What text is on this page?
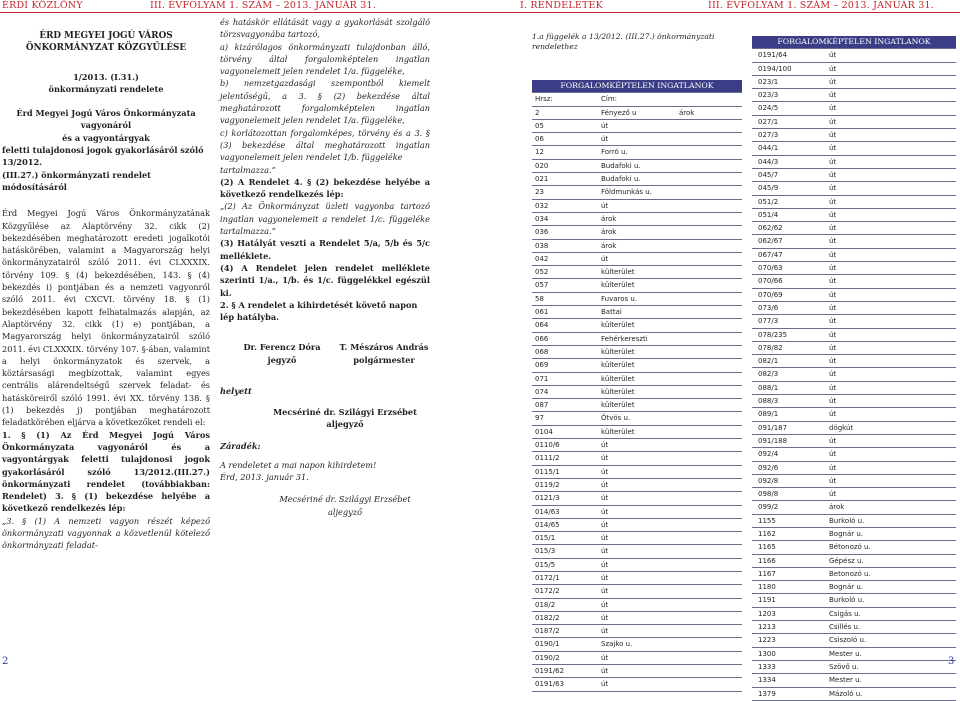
ÉRDI KÖZLÖNY	III. ÉVFOLYAM 1. SZÁM – 2013. JANUÁR 31.	I. RENDELETEK	III. ÉVFOLYAM 1. SZÁM – 2013. JANUÁR 31.

ÉRD MEGYEI JOGÚ VÁROS

ÖNKORMÁNYZAT KÖZGYŰLÉSE

1/2013. (I.31.)

önkormányzati rendelete

Érd Megyei Jogú Város Önkormányzata vagyonáról

és a vagyontárgyak

feletti tulajdonosi jogok gyakorlásáról szóló 13/2012.

(III.27.) önkormányzati rendelet módosításáról

Érd Megyei Jogú Város Önkormányzatának Közgyűlése az Alaptörvény 32. cikk (2) bekezdésében meghatározott eredeti jogalkotói hatáskörében, valamint a Magyarország helyi önkormányzatairól szóló 2011. évi CLXXXIX. törvény 109. § (4) bekezdésében, 143. § (4) bekezdés i) pontjában és a nemzeti vagyonról szóló 2011. évi CXCVI. törvény 18. § (1) bekezdésében kapott felhatalmazás alapján, az Alaptörvény 32. cikk (1) e) pontjában, a Magyarország helyi önkormányzatairól szóló 2011. évi CLXXXIX. törvény 107. §-ában, valamint a helyi önkormányzatok és szervek, a köztársasági megbízottak, valamint egyes centrális alárendeltségű szervek feladat- és hatásköreiről szóló 1991. évi XX. törvény 138. § (1) bekezdés j) pontjában meghatározott feladatkörében eljárva a következőket rendeli el:

1. § (1) Az Érd Megyei Jogú Város Önkormányzata vagyonáról és a vagyontárgyak feletti tulajdonosi jogok gyakorlásáról szóló 13/2012.(III.27.) önkormányzati rendelet (továbbiakban: Rendelet) 3. § (1) bekezdése helyébe a következő rendelkezés lép:

„3. § (1) A nemzeti vagyon részét képező önkormányzati vagyonnak a közvetlenül kötelező önkormányzati feladat-

és hatáskör ellátását vagy a gyakorlását szolgáló törzsvagyonába tartozó,

a) kizárólagos önkormányzati tulajdonban álló, törvény által forgalomképtelen ingatlan vagyonelemeit jelen rendelet 1/a. függeléke,

b) nemzetgazdasági szempontból kiemelt jelentőségű, a 3. § (2) bekezdése által meghatározott forgalomképtelen ingatlan vagyonelemeit jelen rendelet 1/a. függeléke,

c) korlátozottan forgalomképes, törvény és a 3. § (3) bekezdése által meghatározott ingatlan vagyonelemeit jelen rendelet 1/b. függeléke

tartalmazza.”

(2) A Rendelet 4. § (2) bekezdése helyébe a következő rendelkezés lép:

„(2) Az Önkormányzat üzleti vagyonba tartozó ingatlan vagyonelemeit a rendelet 1/c. függeléke tartalmazza.”

(3) Hatályát veszti a Rendelet 5/a, 5/b és 5/c melléklete.

(4) A Rendelet jelen rendelet melléklete szerinti 1/a., 1/b. és 1/c. függelékkel egészül ki.

2. § A rendelet a kihirdetését követő napon lép hatályba.

Dr. Ferencz Dóra

jegyző

T. Mészáros András

polgármester

helyett

Mecsériné dr. Szilágyi Erzsébet

aljegyző

Záradék:

A rendeletet a mai napon kihirdetem!

Érd, 2013. január 31.

Mecsériné dr. Szilágyi Erzsébet

aljegyző

1.a függelék a 13/2012. (III.27.) önkormányzati rendelethez

FORGALOMKÉPTELEN INGATLANOK		
Hrsz:	Cím:	
2	Fényező u	árok
05	út	
06	út	
12	Forró u.	
020	Budafoki u.	
021	Budafoki u.	
23	Földmunkás u.	
032	út	
034	árok	
036	árok	
038	árok	
042	út	
052	külterület	
057	külterület	
58	Fuvaros u.	
061	Battai	
064	külterület	
066	Fehérkereszti	
068	külterület	
069	külterület	
071	külterület	
074	külterület	
087	külterület	
97	Ötvös u.	
0104	külterület	
0110/6	út	
0111/2	út	
0115/1	út	
0119/2	út	
0121/3	út	
014/63	út	
014/65	út	
015/1	út	
015/3	út	
015/5	út	
0172/1	út	
0172/2	út	
018/2	út	
0182/2	út	
0187/2	út	
0190/1	Szajko u.	
0190/2	út	
0191/62	út	
0191/63	út	
FORGALOMKÉPTELEN INGATLANOK	
0191/64	út
0194/100	út
023/1	út
023/3	út
024/5	út
027/1	út
027/3	út
044/1	út
044/3	út
045/7	út
045/9	út
051/2	út
051/4	út
062/62	út
062/67	út
067/47	út
070/63	út
070/66	út
070/69	út
073/6	út
077/3	út
078/235	út
078/82	út
082/1	út
082/3	út
088/1	út
088/3	út
089/1	út
091/187	dögkút
091/188	út
092/4	út
092/6	út
092/8	út
098/8	út
099/2	árok
1155	Burkoló u.
1162	Bognár u.
1165	Bétonozó u.
1166	Gépész u.
1167	Betonozó u.
1180	Bognár u.
1191	Burkoló u.
1203	Csigás u.
1213	Csillés u.
1223	Csiszoló u.
1300	Mester u.
1333	Szövő u.
1334	Mester u.
1379	Mázoló u.
2	3
